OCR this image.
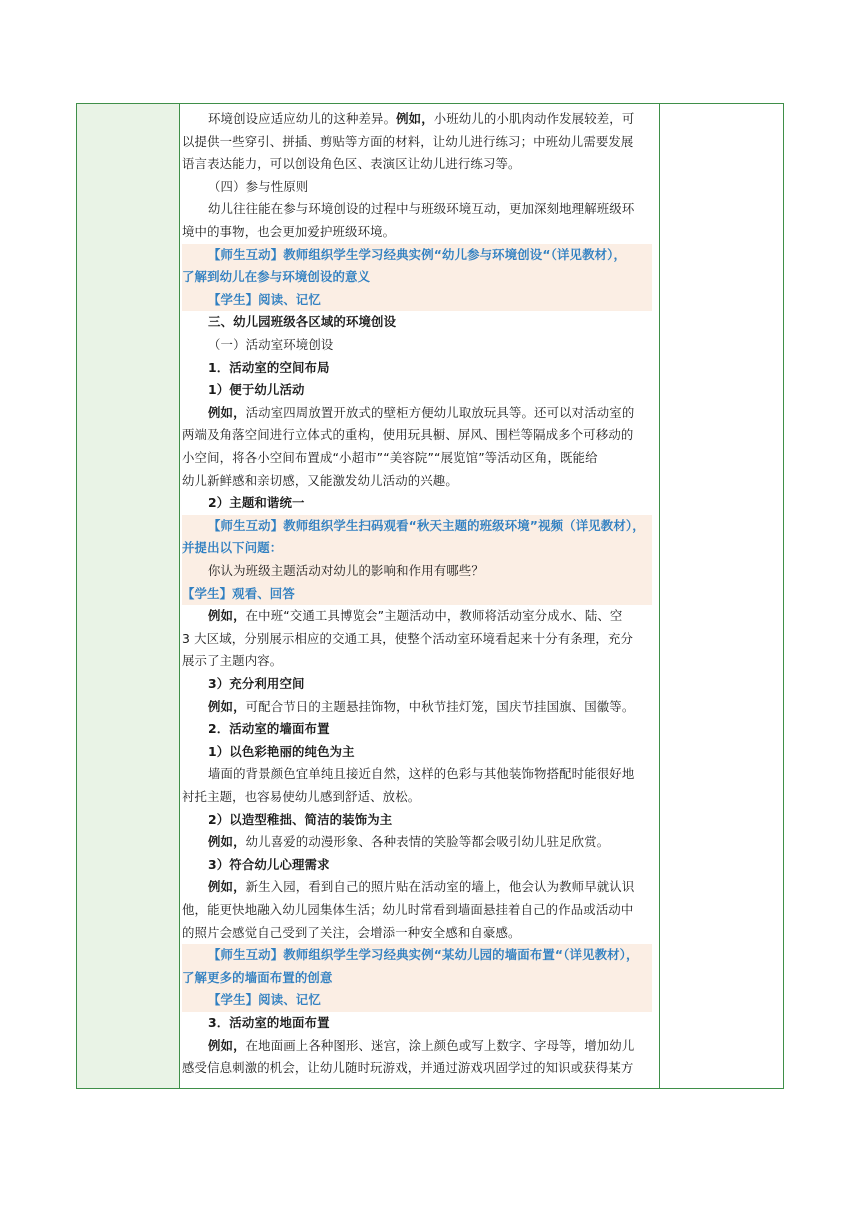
环境创设应适应幼儿的这种差异。例如，小班幼儿的小肌肉动作发展较差，可
以提供一些穿引、拼插、剪贴等方面的材料，让幼儿进行练习；中班幼儿需要发展
语言表达能力，可以创设角色区、表演区让幼儿进行练习等。
（四）参与性原则
幼儿往往能在参与环境创设的过程中与班级环境互动，更加深刻地理解班级环
境中的事物，也会更加爱护班级环境。
【师生互动】教师组织学生学习经典实例“幼儿参与环境创设“（详见教材），
了解到幼儿在参与环境创设的意义
【学生】阅读、记忆
三、幼儿园班级各区域的环境创设
（一）活动室环境创设
1．活动室的空间布局
1）便于幼儿活动
例如，活动室四周放置开放式的壁柜方便幼儿取放玩具等。还可以对活动室的
两端及角落空间进行立体式的重构，使用玩具橱、屏风、围栏等隔成多个可移动的
小空间，将各小空间布置成“小超市”“美容院”“展览馆”等活动区角，既能给
幼儿新鲜感和亲切感，又能激发幼儿活动的兴趣。
2）主题和谐统一
【师生互动】教师组织学生扫码观看“秋天主题的班级环境”视频（详见教材），
并提出以下问题：
你认为班级主题活动对幼儿的影响和作用有哪些？
【学生】观看、回答
例如，在中班“交通工具博览会”主题活动中，教师将活动室分成水、陆、空
3 大区域，分别展示相应的交通工具，使整个活动室环境看起来十分有条理，充分
展示了主题内容。
3）充分利用空间
例如，可配合节日的主题悬挂饰物，中秋节挂灯笼，国庆节挂国旗、国徽等。
2．活动室的墙面布置
1）以色彩艳丽的纯色为主
墙面的背景颜色宜单纯且接近自然，这样的色彩与其他装饰物搭配时能很好地
衬托主题，也容易使幼儿感到舒适、放松。
2）以造型稚拙、简洁的装饰为主
例如，幼儿喜爱的动漫形象、各种表情的笑脸等都会吸引幼儿驻足欣赏。
3）符合幼儿心理需求
例如，新生入园，看到自己的照片贴在活动室的墙上，他会认为教师早就认识
他，能更快地融入幼儿园集体生活；幼儿时常看到墙面悬挂着自己的作品或活动中
的照片会感觉自己受到了关注，会增添一种安全感和自豪感。
【师生互动】教师组织学生学习经典实例“某幼儿园的墙面布置“（详见教材），
了解更多的墙面布置的创意
【学生】阅读、记忆
3．活动室的地面布置
例如，在地面画上各种图形、迷宫，涂上颜色或写上数字、字母等，增加幼儿
感受信息刺激的机会，让幼儿随时玩游戏，并通过游戏巩固学过的知识或获得某方
